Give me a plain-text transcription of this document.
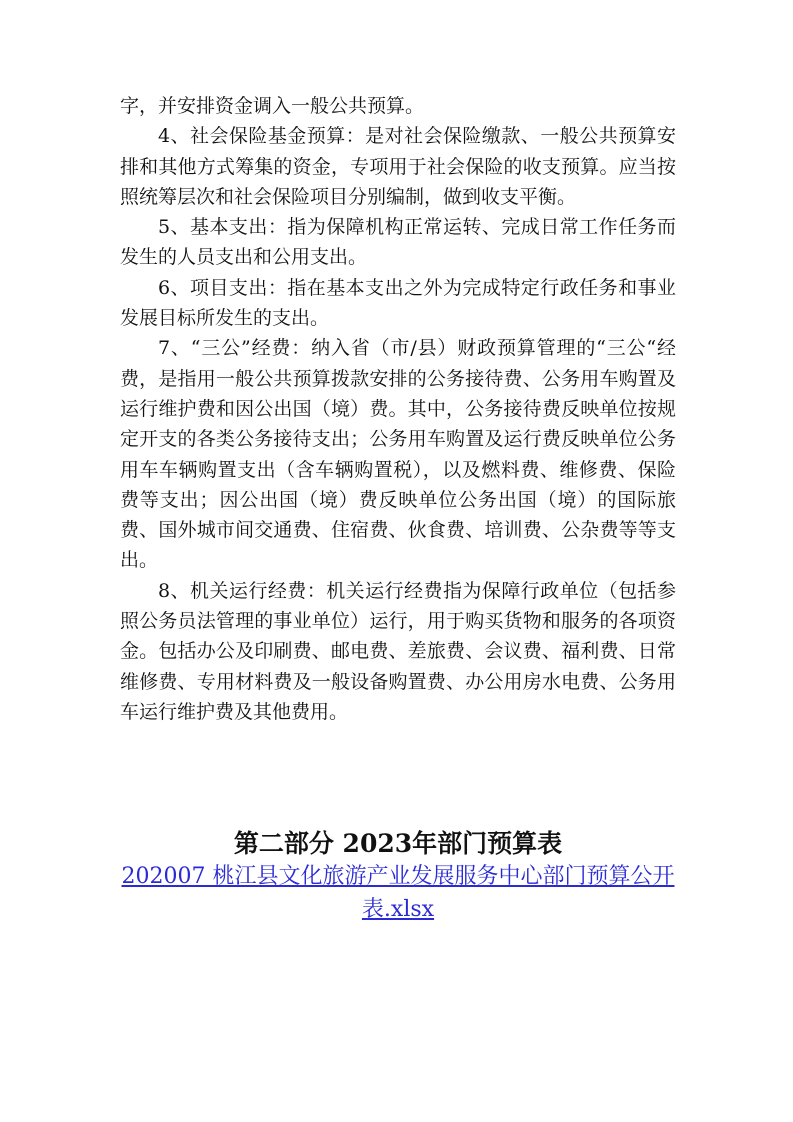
字，并安排资金调入一般公共预算。

4、社会保险基金预算：是对社会保险缴款、一般公共预算安排和其他方式筹集的资金，专项用于社会保险的收支预算。应当按照统筹层次和社会保险项目分别编制，做到收支平衡。

5、基本支出：指为保障机构正常运转、完成日常工作任务而发生的人员支出和公用支出。

6、项目支出：指在基本支出之外为完成特定行政任务和事业发展目标所发生的支出。

7、“三公”经费：纳入省（市/县）财政预算管理的“三公“经费，是指用一般公共预算拨款安排的公务接待费、公务用车购置及运行维护费和因公出国（境）费。其中，公务接待费反映单位按规定开支的各类公务接待支出；公务用车购置及运行费反映单位公务用车车辆购置支出（含车辆购置税），以及燃料费、维修费、保险费等支出；因公出国（境）费反映单位公务出国（境）的国际旅费、国外城市间交通费、住宿费、伙食费、培训费、公杂费等等支出。

8、机关运行经费：机关运行经费指为保障行政单位（包括参照公务员法管理的事业单位）运行，用于购买货物和服务的各项资金。包括办公及印刷费、邮电费、差旅费、会议费、福利费、日常维修费、专用材料费及一般设备购置费、办公用房水电费、公务用车运行维护费及其他费用。

第二部分 2023年部门预算表
202007 桃江县文化旅游产业发展服务中心部门预算公开表.xlsx
